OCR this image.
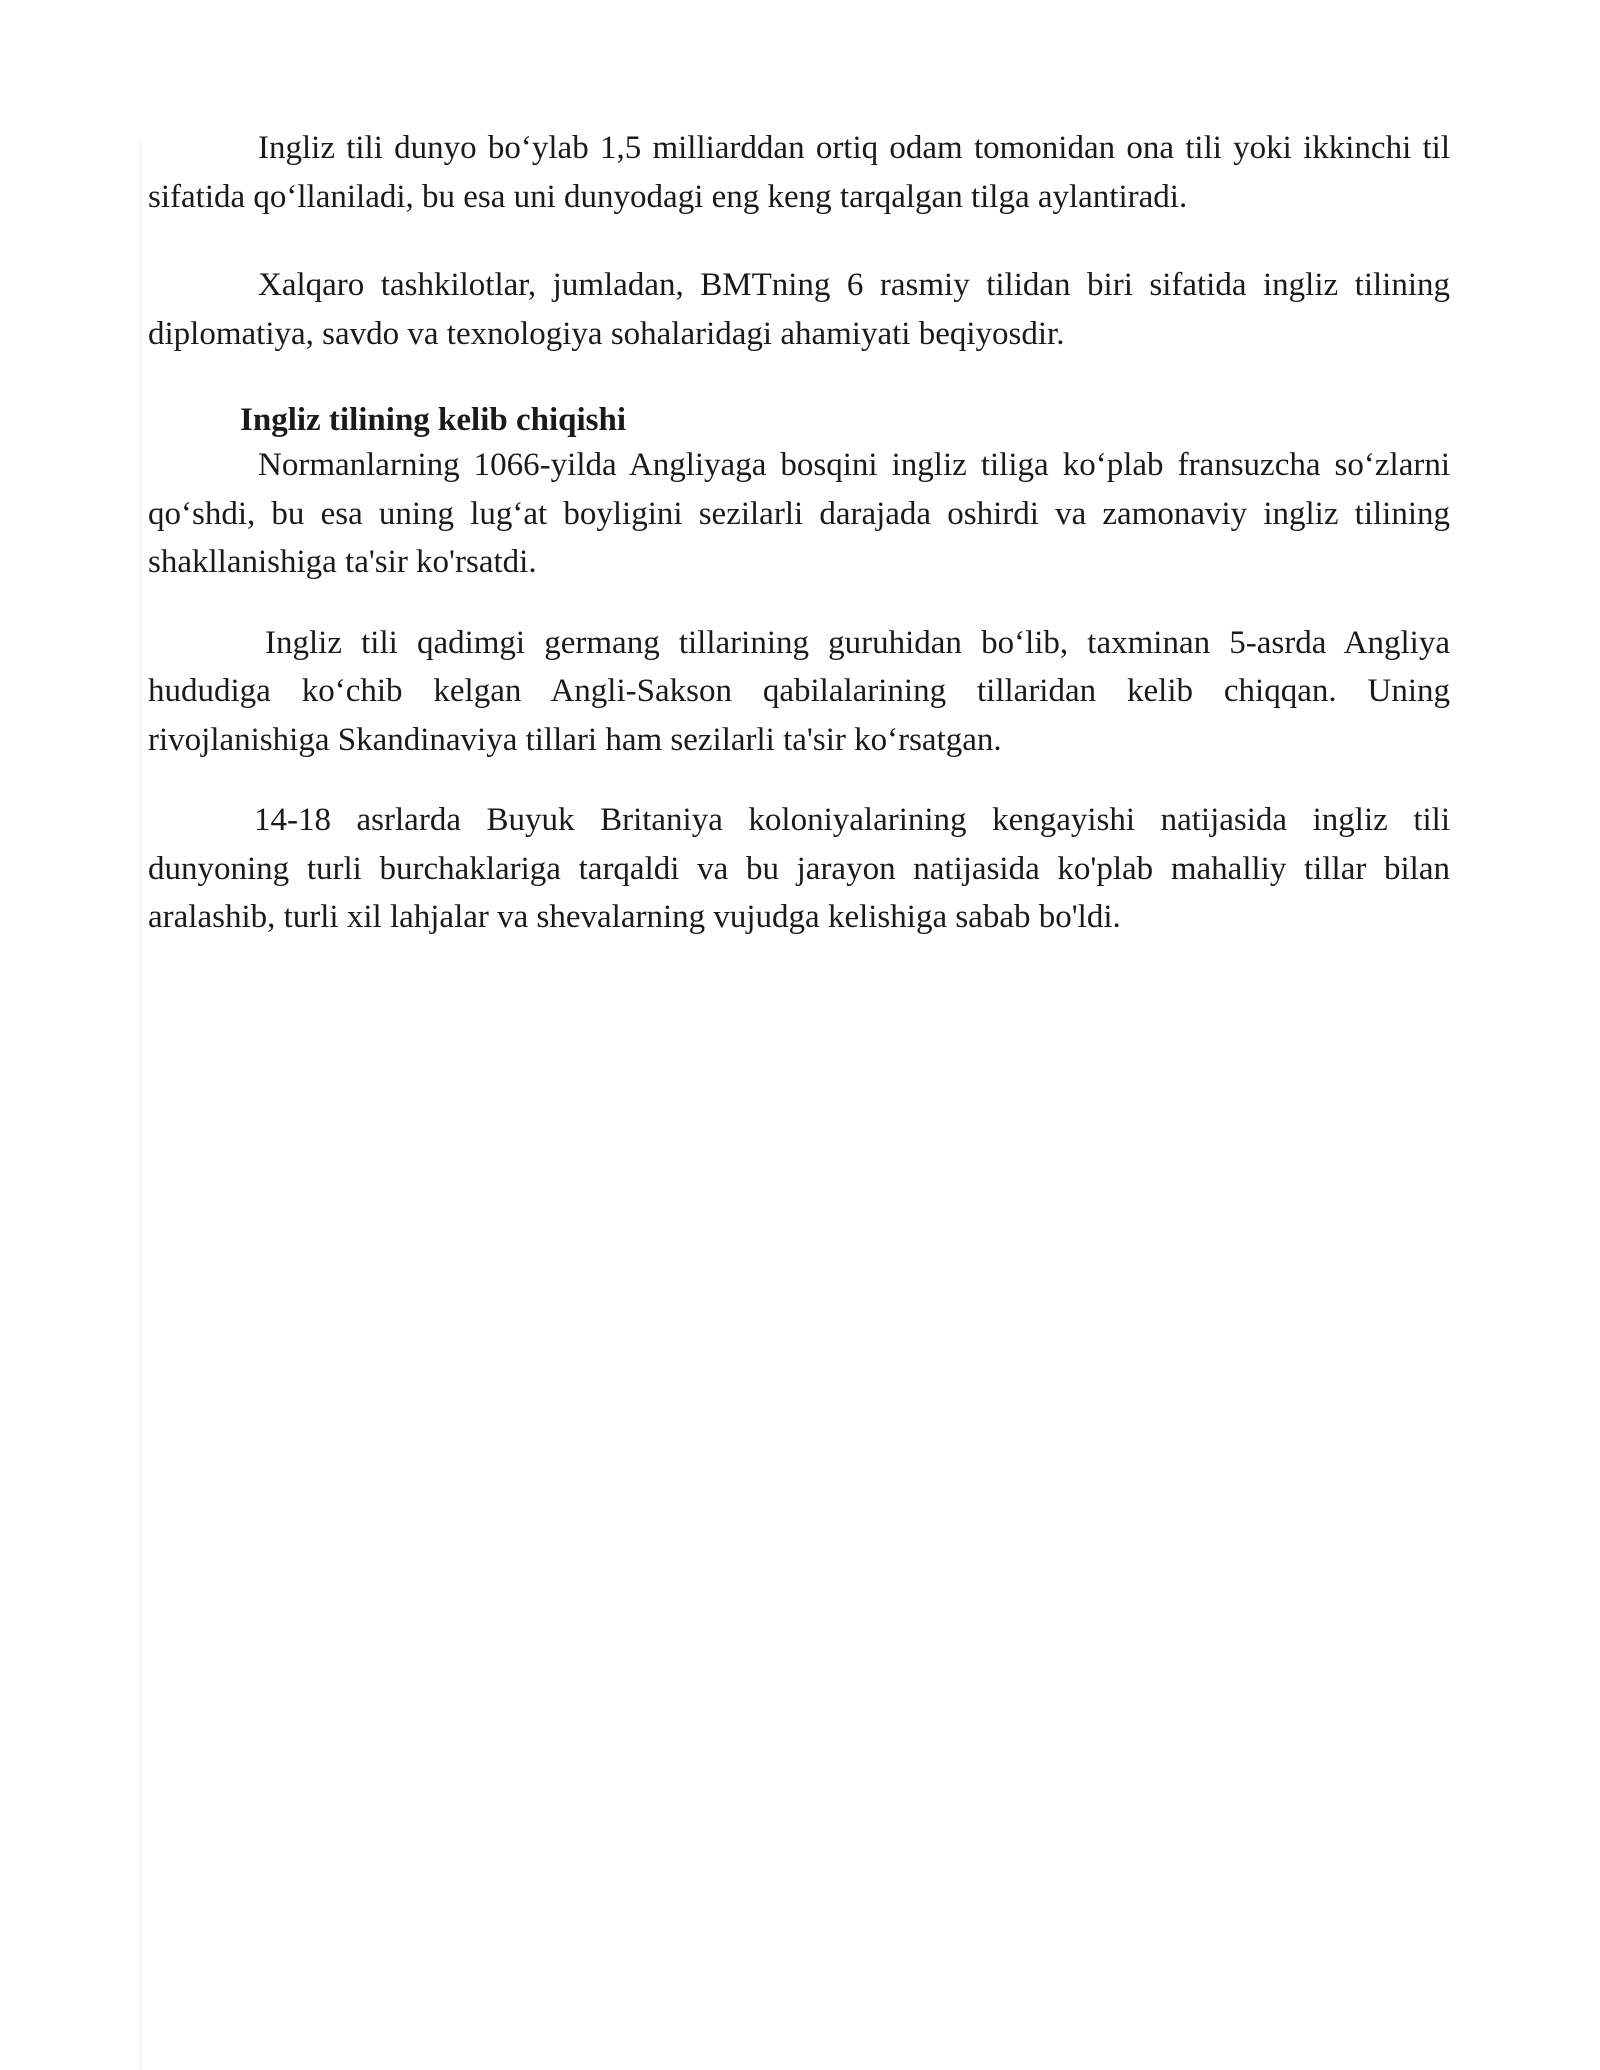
Ingliz tili dunyo bo‘ylab 1,5 milliarddan ortiq odam tomonidan ona tili yoki ikkinchi til sifatida qo‘llaniladi, bu esa uni dunyodagi eng keng tarqalgan tilga aylantiradi.

Xalqaro tashkilotlar, jumladan, BMTning 6 rasmiy tilidan biri sifatida ingliz tilining diplomatiya, savdo va texnologiya sohalaridagi ahamiyati beqiyosdir.

Ingliz tilining kelib chiqishi

Normanlarning 1066-yilda Angliyaga bosqini ingliz tiliga ko‘plab fransuzcha so‘zlarni qo‘shdi, bu esa uning lug‘at boyligini sezilarli darajada oshirdi va zamonaviy ingliz tilining shakllanishiga ta'sir ko'rsatdi.

Ingliz tili qadimgi germang tillarining guruhidan bo‘lib, taxminan 5-asrda Angliya hududiga ko‘chib kelgan Angli-Sakson qabilalarining tillaridan kelib chiqqan. Uning rivojlanishiga Skandinaviya tillari ham sezilarli ta'sir ko‘rsatgan.

14-18 asrlarda Buyuk Britaniya koloniyalarining kengayishi natijasida ingliz tili dunyoning turli burchaklariga tarqaldi va bu jarayon natijasida ko'plab mahalliy tillar bilan aralashib, turli xil lahjalar va shevalarning vujudga kelishiga sabab bo'ldi.
